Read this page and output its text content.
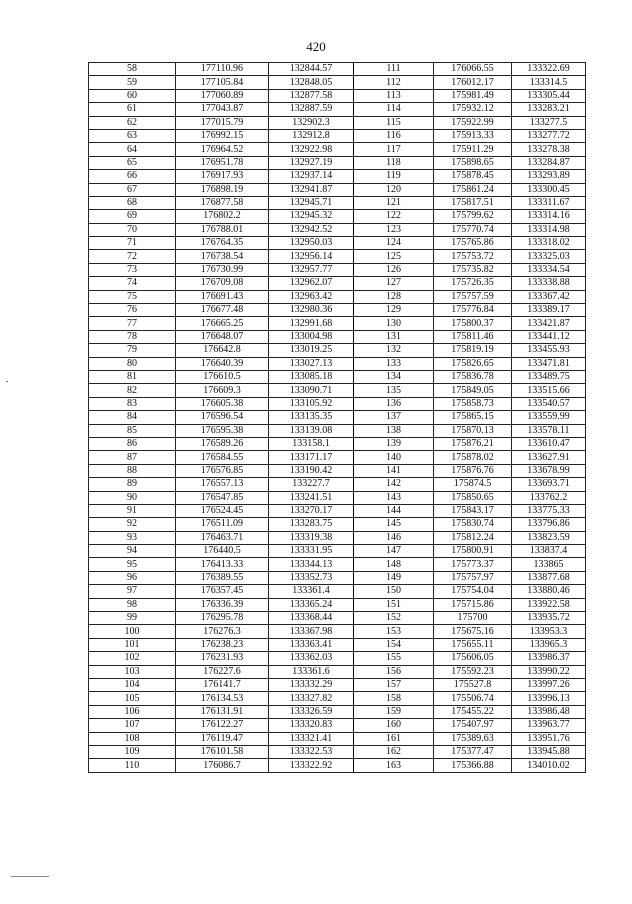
420
58	177110.96	132844.57	111	176066.55	133322.69
59	177105.84	132848.05	112	176012.17	133314.5
60	177060.89	132877.58	113	175981.49	133305.44
61	177043.87	132887.59	114	175932.12	133283.21
62	177015.79	132902.3	115	175922.99	133277.5
63	176992.15	132912.8	116	175913.33	133277.72
64	176964.52	132922.98	117	175911.29	133278.38
65	176951.78	132927.19	118	175898.65	133284.87
66	176917.93	132937.14	119	175878.45	133293.89
67	176898.19	132941.87	120	175861.24	133300.45
68	176877.58	132945.71	121	175817.51	133311.67
69	176802.2	132945.32	122	175799.62	133314.16
70	176788.01	132942.52	123	175770.74	133314.98
71	176764.35	132950.03	124	175765.86	133318.02
72	176738.54	132956.14	125	175753.72	133325.03
73	176730.99	132957.77	126	175735.82	133334.54
74	176709.08	132962.07	127	175726.35	133338.88
75	176691.43	132963.42	128	175757.59	133367.42
76	176677.48	132980.36	129	175776.84	133389.17
77	176665.25	132991.68	130	175800.37	133421.87
78	176648.07	133004.98	131	175811.46	133441.12
79	176642.8	133019.25	132	175819.19	133455.93
80	176640.39	133027.13	133	175826.65	133471.81
81	176610.5	133085.18	134	175836.78	133489.75
82	176609.3	133090.71	135	175849.05	133515.66
83	176605.38	133105.92	136	175858.73	133540.57
84	176596.54	133135.35	137	175865.15	133559.99
85	176595.38	133139.08	138	175870.13	133578.11
86	176589.26	133158.1	139	175876.21	133610.47
87	176584.55	133171.17	140	175878.02	133627.91
88	176576.85	133190.42	141	175876.76	133678.99
89	176557.13	133227.7	142	175874.5	133693.71
90	176547.85	133241.51	143	175850.65	133762.2
91	176524.45	133270.17	144	175843.17	133775.33
92	176511.09	133283.75	145	175830.74	133796.86
93	176463.71	133319.38	146	175812.24	133823.59
94	176440.5	133331.95	147	175800.91	133837.4
95	176413.33	133344.13	148	175773.37	133865
96	176389.55	133352.73	149	175757.97	133877.68
97	176357.45	133361.4	150	175754.04	133880.46
98	176336.39	133365.24	151	175715.86	133922.58
99	176295.78	133368.44	152	175700	133935.72
100	176276.3	133367.98	153	175675.16	133953.3
101	176238.23	133363.41	154	175655.11	133965.3
102	176231.93	133362.03	155	175606.05	133986.37
103	176227.6	133361.6	156	175592.23	133990.22
104	176141.7	133332.29	157	175527.8	133997.26
105	176134.53	133327.82	158	175506.74	133996.13
106	176131.91	133326.59	159	175455.22	133986.48
107	176122.27	133320.83	160	175407.97	133963.77
108	176119.47	133321.41	161	175389.63	133951.76
109	176101.58	133322.53	162	175377.47	133945.88
110	176086.7	133322.92	163	175366.88	134010.02
